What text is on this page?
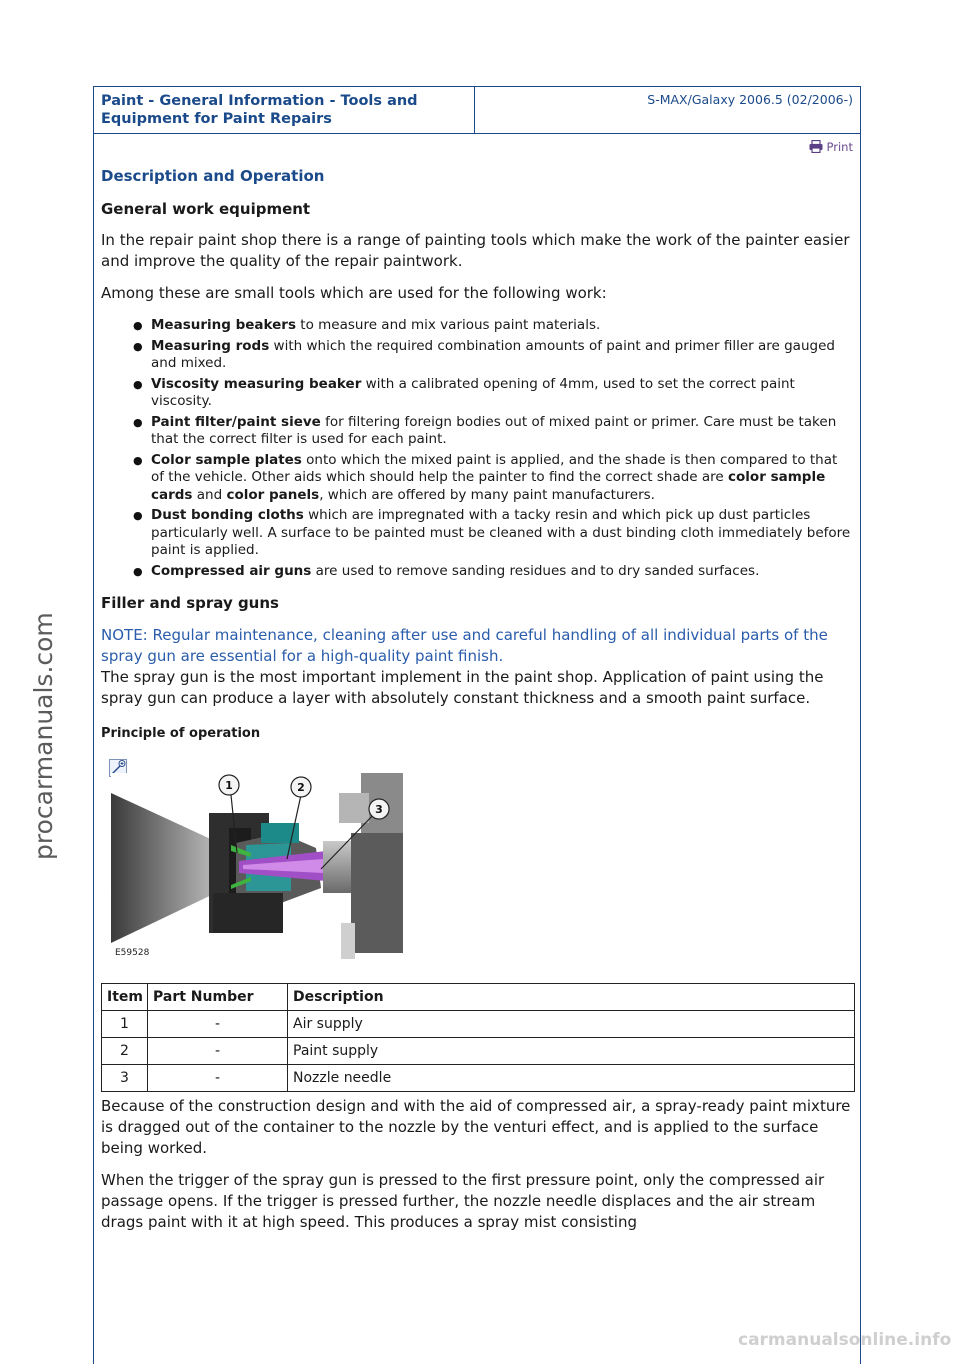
procarmanuals.com
Paint - General Information - Tools and Equipment for Paint Repairs	S-MAX/Galaxy 2006.5 (02/2006-)
Print
Description and Operation
General work equipment

In the repair paint shop there is a range of painting tools which make the work of the painter easier and improve the quality of the repair paintwork.

Among these are small tools which are used for the following work:

● Measuring beakers to measure and mix various paint materials.
● Measuring rods with which the required combination amounts of paint and primer filler are gauged and mixed.
● Viscosity measuring beaker with a calibrated opening of 4mm, used to set the correct paint viscosity.
● Paint filter/paint sieve for filtering foreign bodies out of mixed paint or primer. Care must be taken that the correct filter is used for each paint.
● Color sample plates onto which the mixed paint is applied, and the shade is then compared to that of the vehicle. Other aids which should help the painter to find the correct shade are color sample cards and color panels, which are offered by many paint manufacturers.
● Dust bonding cloths which are impregnated with a tacky resin and which pick up dust particles particularly well. A surface to be painted must be cleaned with a dust binding cloth immediately before paint is applied.
● Compressed air guns are used to remove sanding residues and to dry sanded surfaces.
Filler and spray guns
NOTE: Regular maintenance, cleaning after use and careful handling of all individual parts of the spray gun are essential for a high-quality paint finish.

The spray gun is the most important implement in the paint shop. Application of paint using the spray gun can produce a layer with absolutely constant thickness and a smooth paint surface.

Principle of operation
1	2
3
E59528
Item	Part Number	Description
1	-	Air supply
2	-	Paint supply
3	-	Nozzle needle

Because of the construction design and with the aid of compressed air, a spray-ready paint mixture is dragged out of the container to the nozzle by the venturi effect, and is applied to the surface being worked.

When the trigger of the spray gun is pressed to the first pressure point, only the compressed air passage opens. If the trigger is pressed further, the nozzle needle displaces and the air stream drags paint with it at high speed. This produces a spray mist consisting

carmanualsonline.info
